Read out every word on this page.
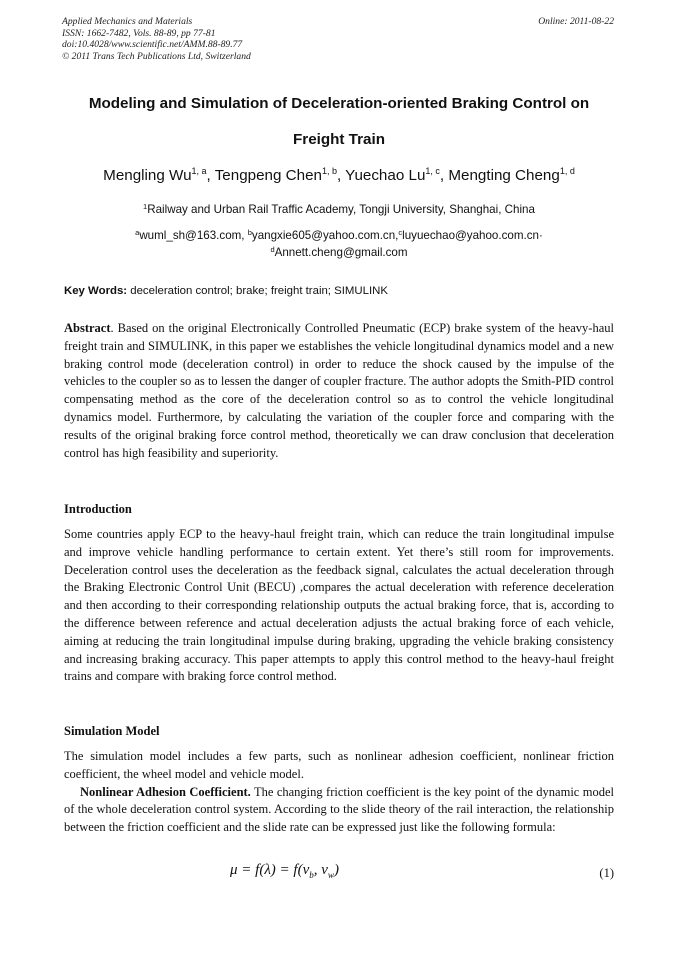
Applied Mechanics and Materials
ISSN: 1662-7482, Vols. 88-89, pp 77-81
doi:10.4028/www.scientific.net/AMM.88-89.77
© 2011 Trans Tech Publications Ltd, Switzerland
Online: 2011-08-22
Modeling and Simulation of Deceleration-oriented Braking Control on
Freight Train
Mengling Wu$^{1, a}$, Tengpeng Chen$^{1, b}$, Yuechao Lu$^{1, c}$, Mengting Cheng$^{1, d}$
$^1$Railway and Urban Rail Traffic Academy, Tongji University, Shanghai, China
$^a$wuml_sh@163.com, $^b$yangxie605@yahoo.com.cn,$^c$luyuechao@yahoo.com.cn·
$^d$Annett.cheng@gmail.com
Key Words: deceleration control; brake; freight train; SIMULINK

Abstract. Based on the original Electronically Controlled Pneumatic (ECP) brake system of the heavy-haul freight train and SIMULINK, in this paper we establishes the vehicle longitudinal dynamics model and a new braking control mode (deceleration control) in order to reduce the shock caused by the impulse of the vehicles to the coupler so as to lessen the danger of coupler fracture. The author adopts the Smith-PID control compensating method as the core of the deceleration control so as to control the vehicle longitudinal dynamics model. Furthermore, by calculating the variation of the coupler force and comparing with the results of the original braking force control method, theoretically we can draw conclusion that deceleration control has high feasibility and superiority.

Introduction

Some countries apply ECP to the heavy-haul freight train, which can reduce the train longitudinal impulse and improve vehicle handling performance to certain extent. Yet there’s still room for improvements. Deceleration control uses the deceleration as the feedback signal, calculates the actual deceleration through the Braking Electronic Control Unit (BECU) ,compares the actual deceleration with reference deceleration and then according to their corresponding relationship outputs the actual braking force, that is, according to the difference between reference and actual deceleration adjusts the actual braking force of each vehicle, aiming at reducing the train longitudinal impulse during braking, upgrading the vehicle braking consistency and increasing braking accuracy. This paper attempts to apply this control method to the heavy-haul freight trains and compare with braking force control method.

Simulation Model

The simulation model includes a few parts, such as nonlinear adhesion coefficient, nonlinear friction coefficient, the wheel model and vehicle model.

Nonlinear Adhesion Coefficient. The changing friction coefficient is the key point of the dynamic model of the whole deceleration control system. According to the slide theory of the rail interaction, the relationship between the friction coefficient and the slide rate can be expressed just like the following formula:

$\mu = f(\lambda) = f(v_b$, $v_w$)	(1)
